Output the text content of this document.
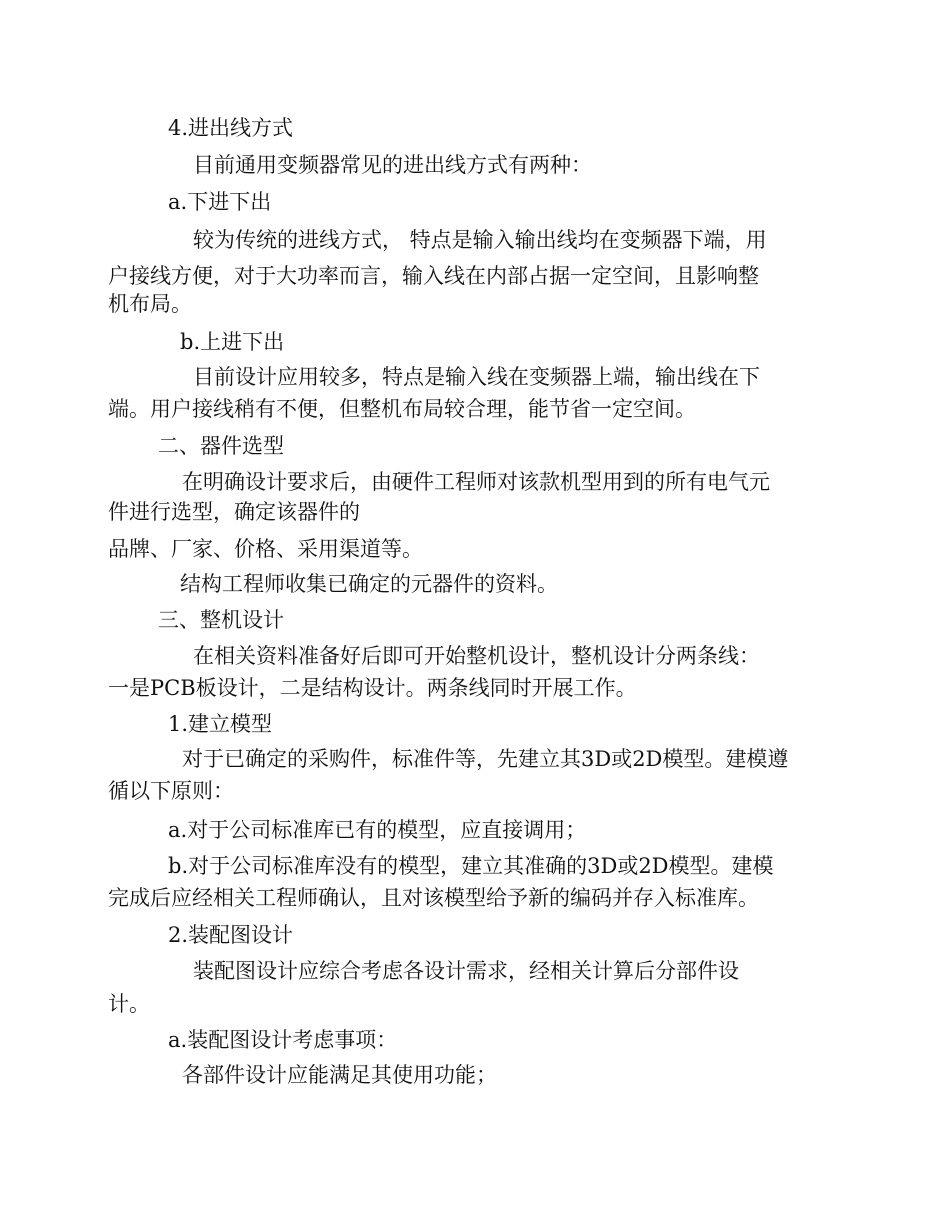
4.进出线方式
目前通用变频器常见的进出线方式有两种：
a.下进下出
较为传统的进线方式， 特点是输入输出线均在变频器下端，用
户接线方便，对于大功率而言，输入线在内部占据一定空间，且影响整
机布局。
b.上进下出
目前设计应用较多，特点是输入线在变频器上端，输出线在下
端。用户接线稍有不便，但整机布局较合理，能节省一定空间。
二、器件选型
在明确设计要求后，由硬件工程师对该款机型用到的所有电气元
件进行选型，确定该器件的
品牌、厂家、价格、采用渠道等。
结构工程师收集已确定的元器件的资料。
三、整机设计
在相关资料准备好后即可开始整机设计，整机设计分两条线：
一是PCB板设计，二是结构设计。两条线同时开展工作。
1.建立模型
对于已确定的采购件，标准件等，先建立其3D或2D模型。建模遵
循以下原则：
a.对于公司标准库已有的模型，应直接调用；
b.对于公司标准库没有的模型，建立其准确的3D或2D模型。建模
完成后应经相关工程师确认，且对该模型给予新的编码并存入标准库。
2.装配图设计
装配图设计应综合考虑各设计需求，经相关计算后分部件设
计。
a.装配图设计考虑事项：
各部件设计应能满足其使用功能；
